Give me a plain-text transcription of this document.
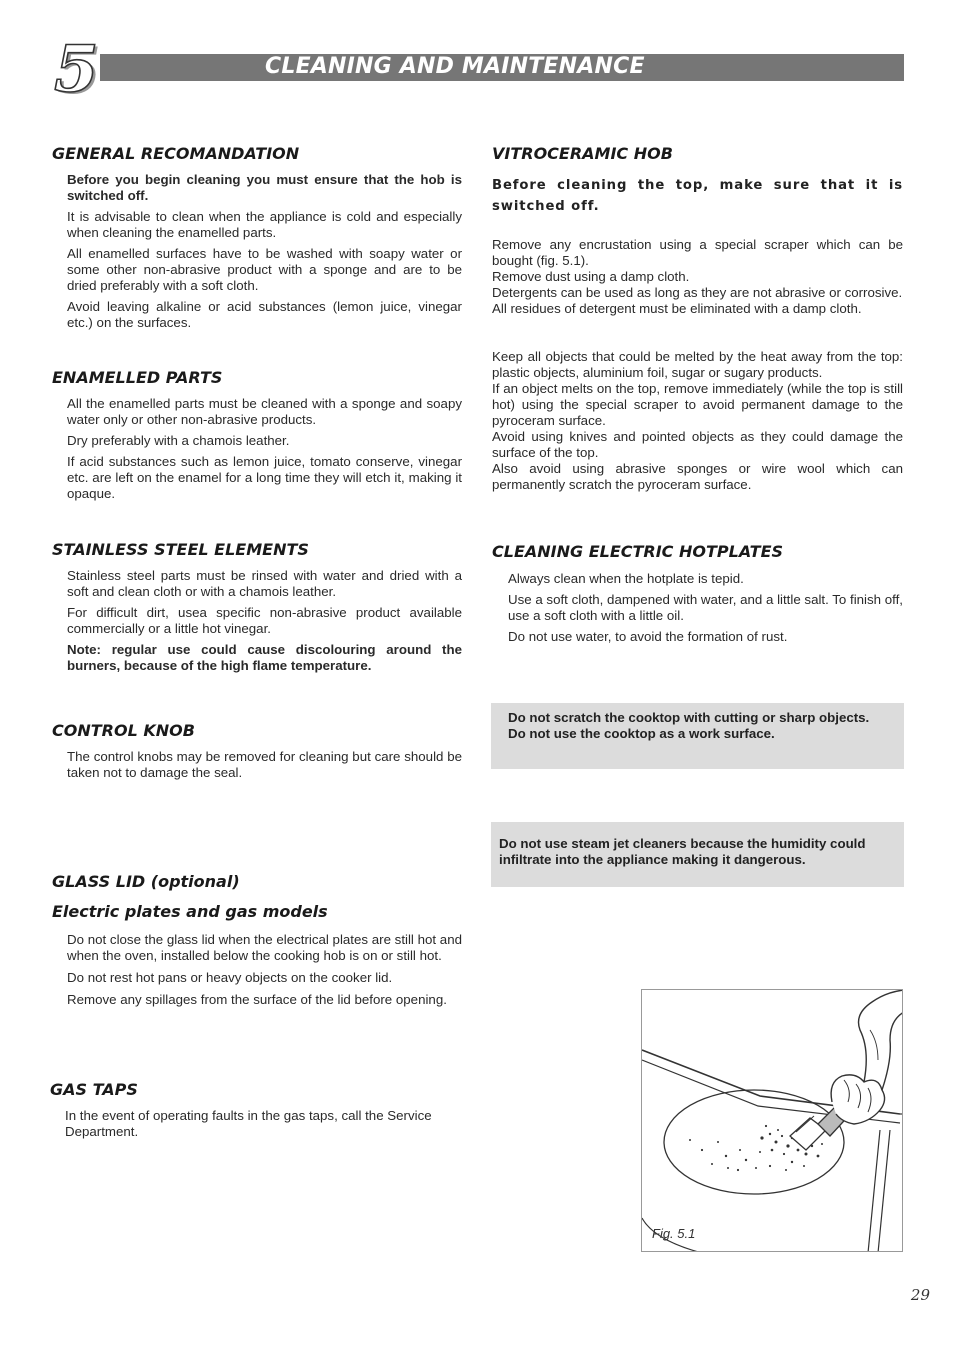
5	CLEANING AND MAINTENANCE
GENERAL RECOMANDATION

Before you begin cleaning you must ensure that the hob is switched off.

It is advisable to clean when the appliance is cold and especially when cleaning the enamelled parts.

All enamelled surfaces have to be washed with soapy water or some other non-abrasive product with a sponge and are to be dried preferably with a soft cloth.

Avoid leaving alkaline or acid substances (lemon juice, vinegar etc.) on the surfaces.

ENAMELLED PARTS

All the enamelled parts must be cleaned with a sponge and soapy water only or other non-abrasive products.

Dry preferably with a chamois leather.

If acid substances such as lemon juice, tomato conserve, vinegar etc. are left on the enamel for a long time they will etch it, making it opaque.

STAINLESS STEEL ELEMENTS

Stainless steel parts must be rinsed with water and dried with a soft and clean cloth or with a chamois leather.

For difficult dirt, usea specific non-abrasive product available commercially or a little hot vinegar.

Note: regular use could cause discolouring around the burners, because of the high flame temperature.

CONTROL KNOB

The control knobs may be removed for cleaning but care should be taken not to damage the seal.

GLASS LID (optional)
Electric plates and gas models

Do not close the glass lid when the electrical plates are still hot and when the oven, installed below the cooking hob is on or still hot.

Do not rest hot pans or heavy objects on the cooker lid.

Remove any spillages from the surface of the lid before opening.

GAS TAPS

In the event of operating faults in the gas taps, call the Service Department.

VITROCERAMIC HOB
Before cleaning the top, make sure that it is switched off.

Remove any encrustation using a special scraper which can be bought (fig. 5.1).

Remove dust using a damp cloth.

Detergents can be used as long as they are not abrasive or corrosive.

All residues of detergent must be eliminated with a damp cloth.

Keep all objects that could be melted by the heat away from the top: plastic objects, aluminium foil, sugar or sugary products.

If an object melts on the top, remove immediately (while the top is still hot) using the special scraper to avoid permanent damage to the pyroceram surface.

Avoid using knives and pointed objects as they could damage the surface of the top.

Also avoid using abrasive sponges or wire wool which can permanently scratch the pyroceram surface.

CLEANING ELECTRIC HOTPLATES

Always clean when the hotplate is tepid.

Use a soft cloth, dampened with water, and a little salt. To finish off, use a soft cloth with a little oil.

Do not use water, to avoid the formation of rust.

Do not scratch the cooktop with cutting or sharp objects.
Do not use the cooktop as a work surface.
Do not use steam jet cleaners because the humidity could infiltrate into the appliance making it dangerous.
Fig. 5.1
29
